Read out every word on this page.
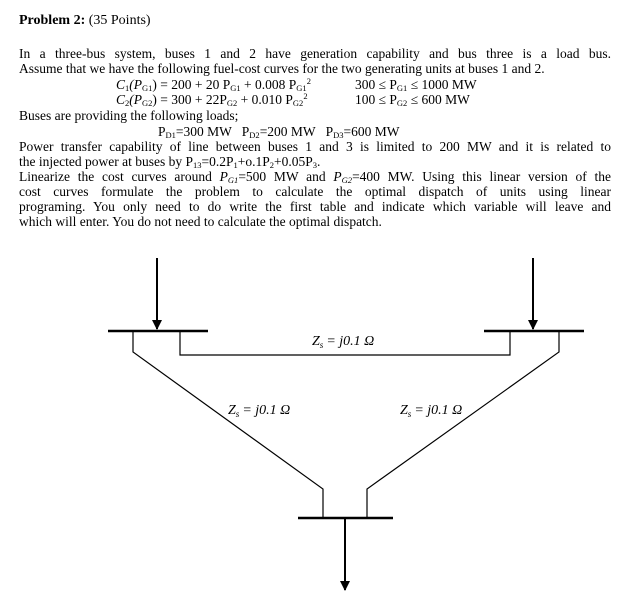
Problem 2: (35 Points)
In a three-bus system, buses 1 and 2 have generation capability and bus three is a load bus.
Assume that we have the following fuel-cost curves for the two generating units at buses 1 and 2.
$C_1(P_{G1}) = 200 + 20$ $P_{G1} + 0.008$ $P_{G1}^2$	$300 \le P_{G1} \le 1000$ MW
$C_2(P_{G2}) = 300 + 22P_{G2} + 0.010$ $P_{G2}^2$	$100 \le P_{G2} \le 600$ MW
Buses are providing the following loads;
$P_{D1}=300$ MW $P_{D2}=200$ MW $P_{D3}=600$ MW
Power transfer capability of line between buses 1 and 3 is limited to 200 MW and it is related to
the injected power at buses by $P_{13}=0.2P_1+o.1P_2+0.05P_3$.
Linearize the cost curves around $P_{G1}=500$ MW and $P_{G2}=400$ MW. Using this linear version of the
cost curves formulate the problem to calculate the optimal dispatch of units using linear
programing. You only need to do write the first table and indicate which variable will leave and
which will enter. You do not need to calculate the optimal dispatch.
$Z_s = j0.1$ Ω
$Z_s = j0.1$ Ω	$Z_s = j0.1$ Ω
